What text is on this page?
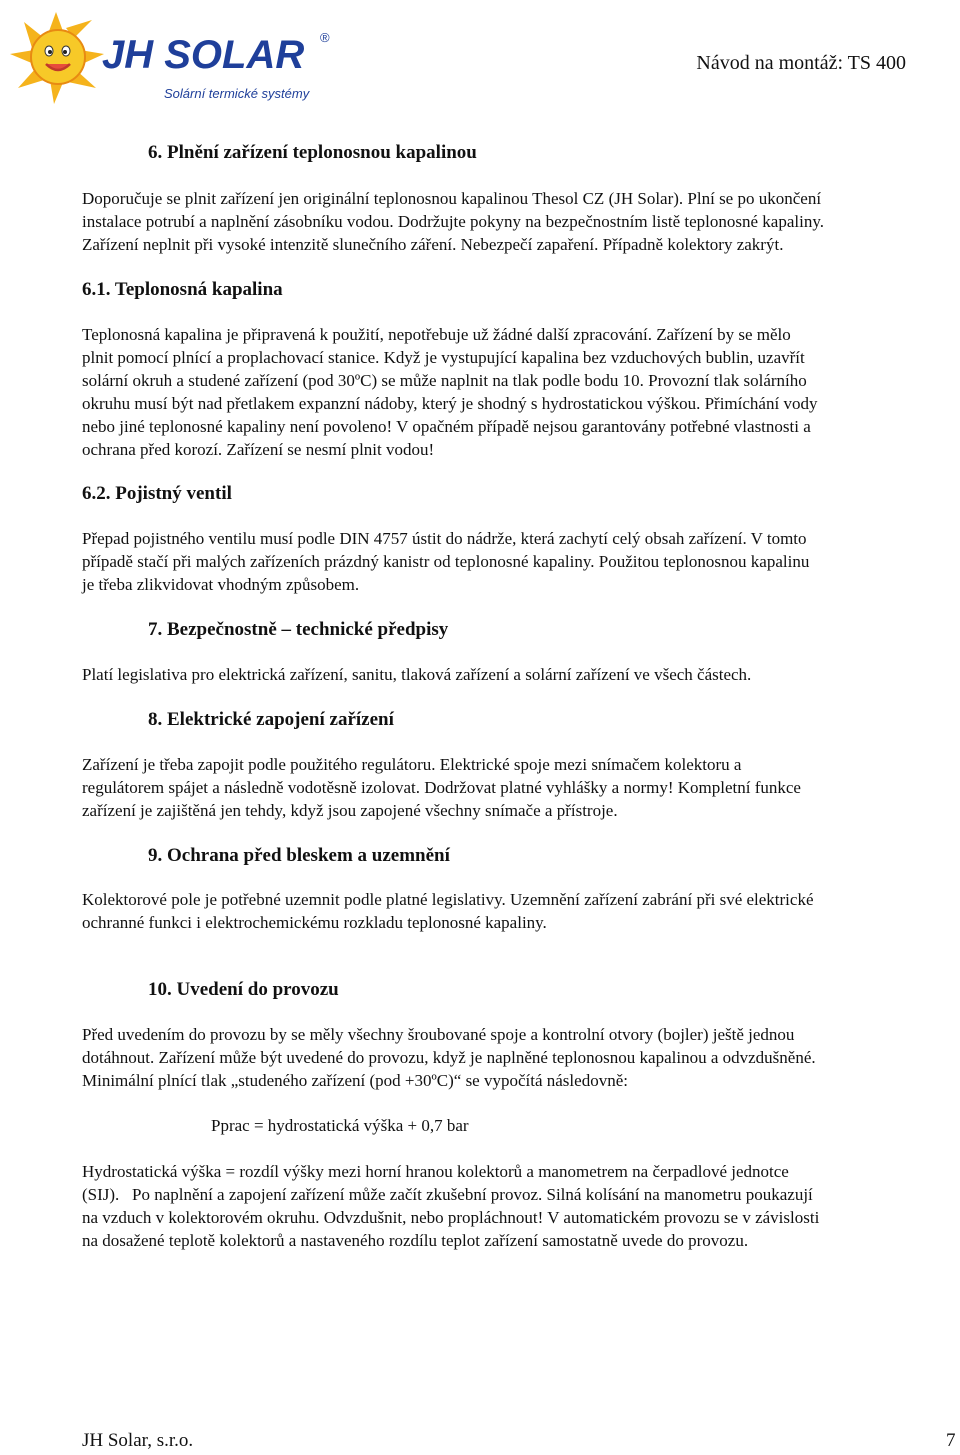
JH SOLAR ®
Solární termické systémy
Návod na montáž: TS 400
6. Plnění zařízení teplonosnou kapalinou
Doporučuje se plnit zařízení jen originální teplonosnou kapalinou Thesol CZ (JH Solar). Plní se po ukončení
instalace potrubí a naplnění zásobníku vodou. Dodržujte pokyny na bezpečnostním listě teplonosné kapaliny.
Zařízení neplnit při vysoké intenzitě slunečního záření. Nebezpečí zapaření. Případně kolektory zakrýt.
6.1. Teplonosná kapalina
Teplonosná kapalina je připravená k použití, nepotřebuje už žádné další zpracování. Zařízení by se mělo
plnit pomocí plnící a proplachovací stanice. Když je vystupující kapalina bez vzduchových bublin, uzavřít
solární okruh a studené zařízení (pod 30ºC) se může naplnit na tlak podle bodu 10. Provozní tlak solárního
okruhu musí být nad přetlakem expanzní nádoby, který je shodný s hydrostatickou výškou. Přimíchání vody
nebo jiné teplonosné kapaliny není povoleno! V opačném případě nejsou garantovány potřebné vlastnosti a
ochrana před korozí. Zařízení se nesmí plnit vodou!
6.2. Pojistný ventil
Přepad pojistného ventilu musí podle DIN 4757 ústit do nádrže, která zachytí celý obsah zařízení. V tomto
případě stačí při malých zařízeních prázdný kanistr od teplonosné kapaliny. Použitou teplonosnou kapalinu
je třeba zlikvidovat vhodným způsobem.
7. Bezpečnostně – technické předpisy
Platí legislativa pro elektrická zařízení, sanitu, tlaková zařízení a solární zařízení ve všech částech.
8. Elektrické zapojení zařízení
Zařízení je třeba zapojit podle použitého regulátoru. Elektrické spoje mezi snímačem kolektoru a
regulátorem spájet a následně vodotěsně izolovat. Dodržovat platné vyhlášky a normy! Kompletní funkce
zařízení je zajištěná jen tehdy, když jsou zapojené všechny snímače a přístroje.
9. Ochrana před bleskem a uzemnění
Kolektorové pole je potřebné uzemnit podle platné legislativy. Uzemnění zařízení zabrání při své elektrické
ochranné funkci i elektrochemickému rozkladu teplonosné kapaliny.
10. Uvedení do provozu
Před uvedením do provozu by se měly všechny šroubované spoje a kontrolní otvory (bojler) ještě jednou
dotáhnout. Zařízení může být uvedené do provozu, když je naplněné teplonosnou kapalinou a odvzdušněné.
Minimální plnící tlak „studeného zařízení (pod +30ºC)“ se vypočítá následovně:
Pprac = hydrostatická výška + 0,7 bar
Hydrostatická výška = rozdíl výšky mezi horní hranou kolektorů a manometrem na čerpadlové jednotce
(SIJ).   Po naplnění a zapojení zařízení může začít zkušební provoz. Silná kolísání na manometru poukazují
na vzduch v kolektorovém okruhu. Odvzdušnit, nebo propláchnout! V automatickém provozu se v závislosti
na dosažené teplotě kolektorů a nastaveného rozdílu teplot zařízení samostatně uvede do provozu.
JH Solar, s.r.o.	7
